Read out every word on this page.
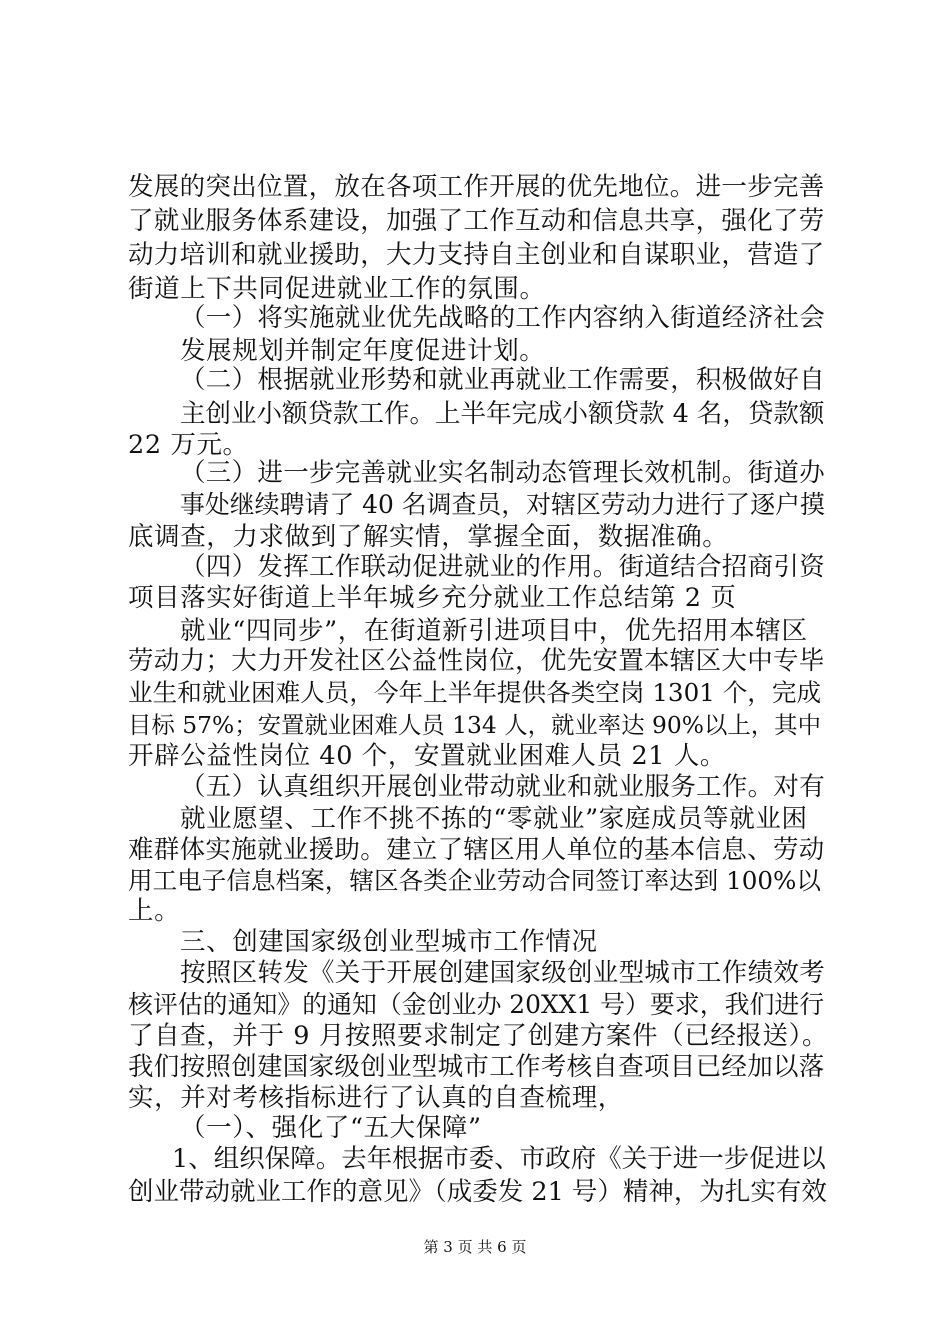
发展的突出位置，放在各项工作开展的优先地位。进一步完善
了就业服务体系建设，加强了工作互动和信息共享，强化了劳
动力培训和就业援助，大力支持自主创业和自谋职业，营造了
街道上下共同促进就业工作的氛围。
（一）将实施就业优先战略的工作内容纳入街道经济社会
发展规划并制定年度促进计划。
（二）根据就业形势和就业再就业工作需要，积极做好自
主创业小额贷款工作。上半年完成小额贷款 4 名，贷款额
22 万元。
（三）进一步完善就业实名制动态管理长效机制。街道办
事处继续聘请了 40 名调查员，对辖区劳动力进行了逐户摸
底调查，力求做到了解实情，掌握全面，数据准确。
（四）发挥工作联动促进就业的作用。街道结合招商引资
项目落实好街道上半年城乡充分就业工作总结第 2 页
就业“四同步”，在街道新引进项目中，优先招用本辖区
劳动力；大力开发社区公益性岗位，优先安置本辖区大中专毕
业生和就业困难人员，今年上半年提供各类空岗 1301 个，完成
目标 57%；安置就业困难人员 134 人，就业率达 90%以上，其中
开辟公益性岗位 40 个，安置就业困难人员 21 人。
（五）认真组织开展创业带动就业和就业服务工作。对有
就业愿望、工作不挑不拣的“零就业”家庭成员等就业困
难群体实施就业援助。建立了辖区用人单位的基本信息、劳动
用工电子信息档案，辖区各类企业劳动合同签订率达到 100%以
上。
三、创建国家级创业型城市工作情况
按照区转发《关于开展创建国家级创业型城市工作绩效考
核评估的通知》的通知（金创业办 20XX1 号）要求，我们进行
了自查，并于 9 月按照要求制定了创建方案件（已经报送）。
我们按照创建国家级创业型城市工作考核自查项目已经加以落
实，并对考核指标进行了认真的自查梳理，
（一）、强化了“五大保障”
1、组织保障。去年根据市委、市政府《关于进一步促进以
创业带动就业工作的意见》（成委发 21 号）精神，为扎实有效
第 3 页 共 6 页
